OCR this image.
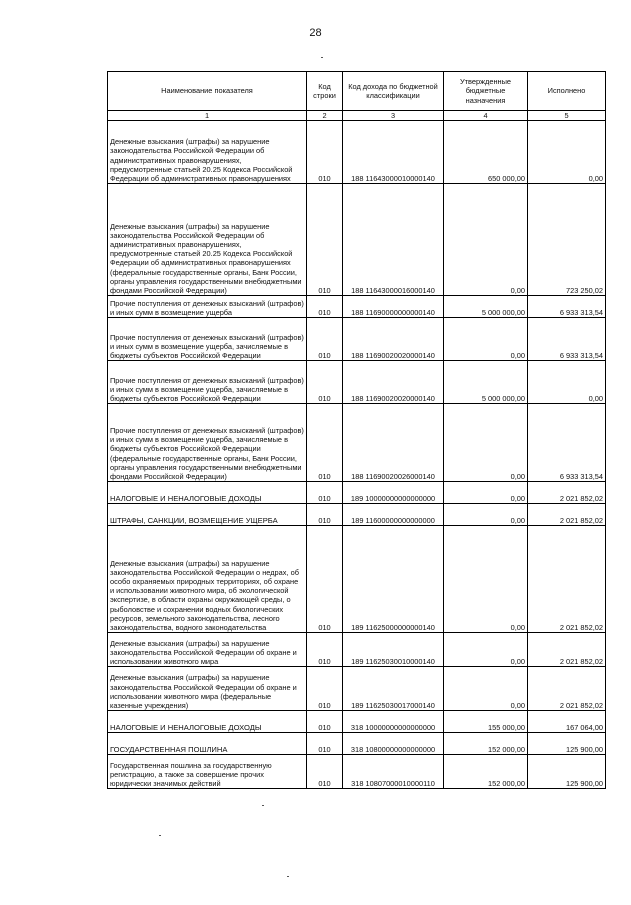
28
Наименование показателя	Код строки	Код дохода по бюджетной классификации	Утвержденные бюджетные назначения	Исполнено
1	2	3	4	5
Денежные взыскания (штрафы) за нарушение законодательства Российской Федерации об административных правонарушениях, предусмотренные статьей 20.25 Кодекса Российской Федерации об административных правонарушениях	010	188 11643000010000140	650 000,00	0,00
Денежные взыскания (штрафы) за нарушение законодательства Российской Федерации об административных правонарушениях, предусмотренные статьей 20.25 Кодекса Российской Федерации об административных правонарушениях (федеральные государственные органы, Банк России, органы управления государственными внебюджетными фондами Российской Федерации)	010	188 11643000016000140	0,00	723 250,02
Прочие поступления от денежных взысканий (штрафов) и иных сумм в возмещение ущерба	010	188 11690000000000140	5 000 000,00	6 933 313,54
Прочие поступления от денежных взысканий (штрафов) и иных сумм в возмещение ущерба, зачисляемые в бюджеты субъектов Российской Федерации	010	188 11690020020000140	0,00	6 933 313,54
Прочие поступления от денежных взысканий (штрафов) и иных сумм в возмещение ущерба, зачисляемые в бюджеты субъектов Российской Федерации	010	188 11690020020000140	5 000 000,00	0,00
Прочие поступления от денежных взысканий (штрафов) и иных сумм в возмещение ущерба, зачисляемые в бюджеты субъектов Российской Федерации (федеральные государственные органы, Банк России, органы управления государственными внебюджетными фондами Российской Федерации)	010	188 11690020026000140	0,00	6 933 313,54
НАЛОГОВЫЕ И НЕНАЛОГОВЫЕ ДОХОДЫ	010	189 10000000000000000	0,00	2 021 852,02
ШТРАФЫ, САНКЦИИ, ВОЗМЕЩЕНИЕ УЩЕРБА	010	189 11600000000000000	0,00	2 021 852,02
Денежные взыскания (штрафы) за нарушение законодательства Российской Федерации о недрах, об особо охраняемых природных территориях, об охране и использовании животного мира, об экологической экспертизе, в области охраны окружающей среды, о рыболовстве и сохранении водных биологических ресурсов, земельного законодательства, лесного законодательства, водного законодательства	010	189 11625000000000140	0,00	2 021 852,02
Денежные взыскания (штрафы) за нарушение законодательства Российской Федерации об охране и использовании животного мира	010	189 11625030010000140	0,00	2 021 852,02
Денежные взыскания (штрафы) за нарушение законодательства Российской Федерации об охране и использовании животного мира (федеральные казенные учреждения)	010	189 11625030017000140	0,00	2 021 852,02
НАЛОГОВЫЕ И НЕНАЛОГОВЫЕ ДОХОДЫ	010	318 10000000000000000	155 000,00	167 064,00
ГОСУДАРСТВЕННАЯ ПОШЛИНА	010	318 10800000000000000	152 000,00	125 900,00
Государственная пошлина за государственную регистрацию, а также за совершение прочих юридически значимых действий	010	318 10807000010000110	152 000,00	125 900,00
